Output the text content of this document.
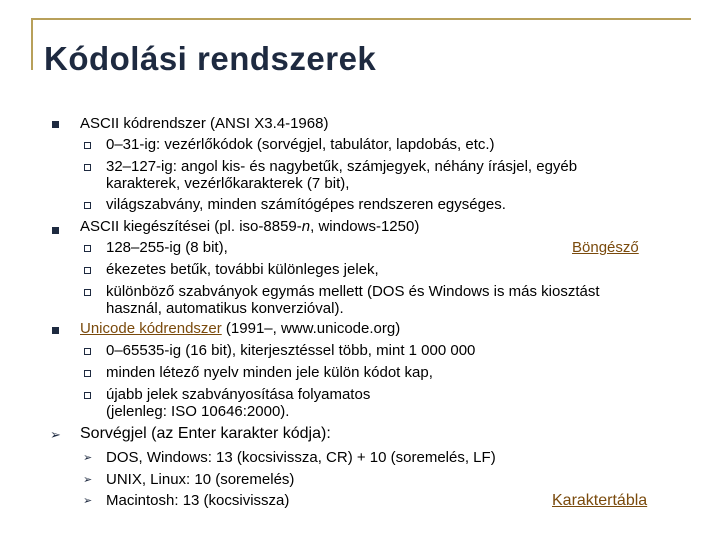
Kódolási rendszerek
ASCII kódrendszer (ANSI X3.4-1968)
0–31-ig: vezérlőkódok (sorvégjel, tabulátor, lapdobás, etc.)
32–127-ig: angol kis- és nagybetűk, számjegyek, néhány írásjel, egyéb
karakterek, vezérlőkarakterek (7 bit),
világszabvány, minden számítógépes rendszeren egységes.
ASCII kiegészítései (pl. iso-8859-n, windows-1250)
128–255-ig (8 bit),	Böngésző
ékezetes betűk, további különleges jelek,
különböző szabványok egymás mellett (DOS és Windows is más kiosztást
használ, automatikus konverzióval).
Unicode kódrendszer (1991–, www.unicode.org)
0–65535-ig (16 bit), kiterjesztéssel több, mint 1 000 000
minden létező nyelv minden jele külön kódot kap,
újabb jelek szabványosítása folyamatos
(jelenleg: ISO 10646:2000).
➢ Sorvégjel (az Enter karakter kódja):
➢ DOS, Windows: 13 (kocsivissza, CR) + 10 (soremelés, LF)
➢ UNIX, Linux: 10 (soremelés)
➢ Macintosh: 13 (kocsivissza)	Karaktertábla
